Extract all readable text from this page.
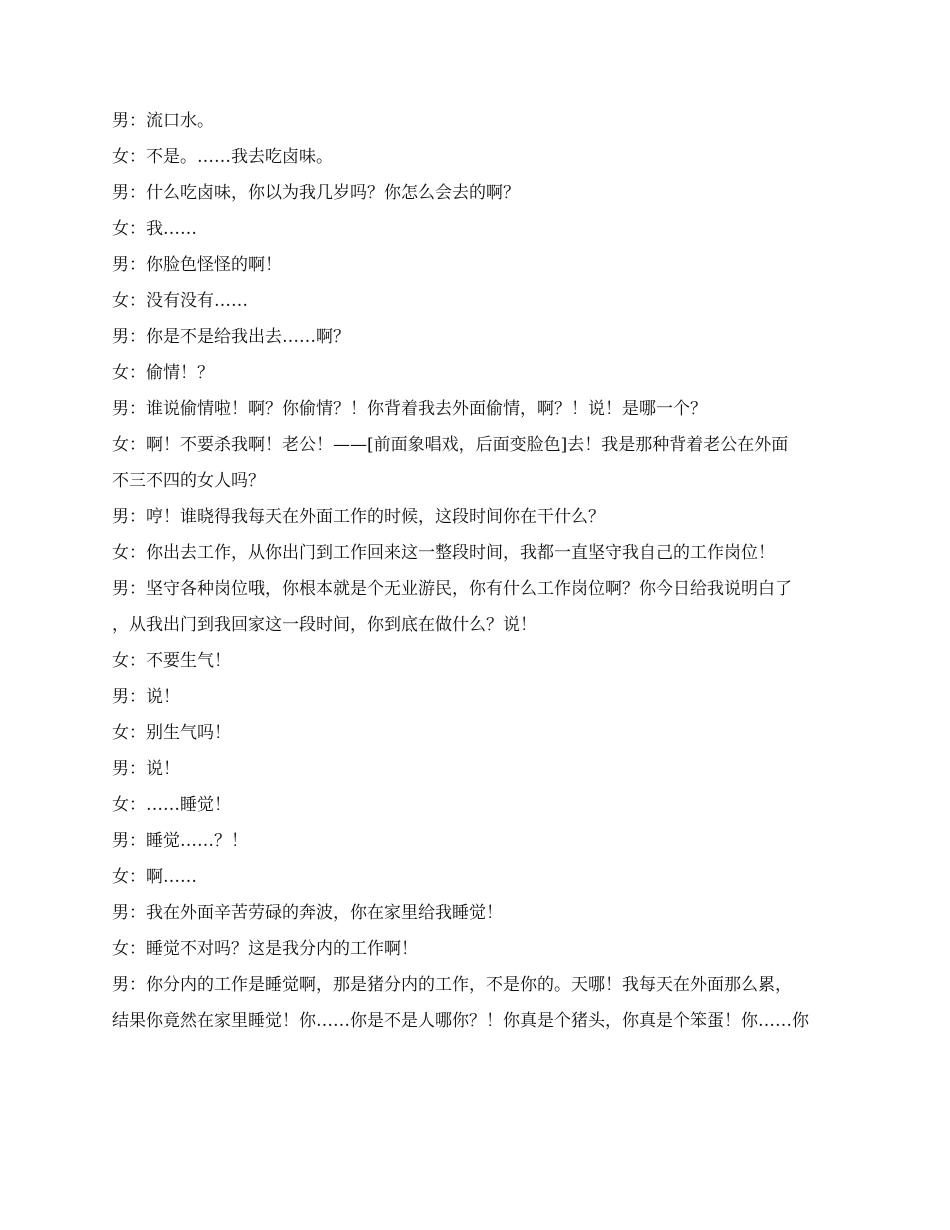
男：流口水。

女：不是。……我去吃卤味。

男：什么吃卤味，你以为我几岁吗？你怎么会去的啊？

女：我……

男：你脸色怪怪的啊！

女：没有没有……

男：你是不是给我出去……啊？

女：偷情！？

男：谁说偷情啦！啊？你偷情？！你背着我去外面偷情，啊？！说！是哪一个？

女：啊！不要杀我啊！老公！——[前面象唱戏，后面变脸色]去！我是那种背着老公在外面

不三不四的女人吗？

男：哼！谁晓得我每天在外面工作的时候，这段时间你在干什么？

女：你出去工作，从你出门到工作回来这一整段时间，我都一直坚守我自己的工作岗位！

男：坚守各种岗位哦，你根本就是个无业游民，你有什么工作岗位啊？你今日给我说明白了

，从我出门到我回家这一段时间，你到底在做什么？说！

女：不要生气！

男：说！

女：别生气吗！

男：说！

女：……睡觉！

男：睡觉……？！

女：啊……

男：我在外面辛苦劳碌的奔波，你在家里给我睡觉！

女：睡觉不对吗？这是我分内的工作啊！

男：你分内的工作是睡觉啊，那是猪分内的工作，不是你的。天哪！我每天在外面那么累，

结果你竟然在家里睡觉！你……你是不是人哪你？！你真是个猪头，你真是个笨蛋！你……你
